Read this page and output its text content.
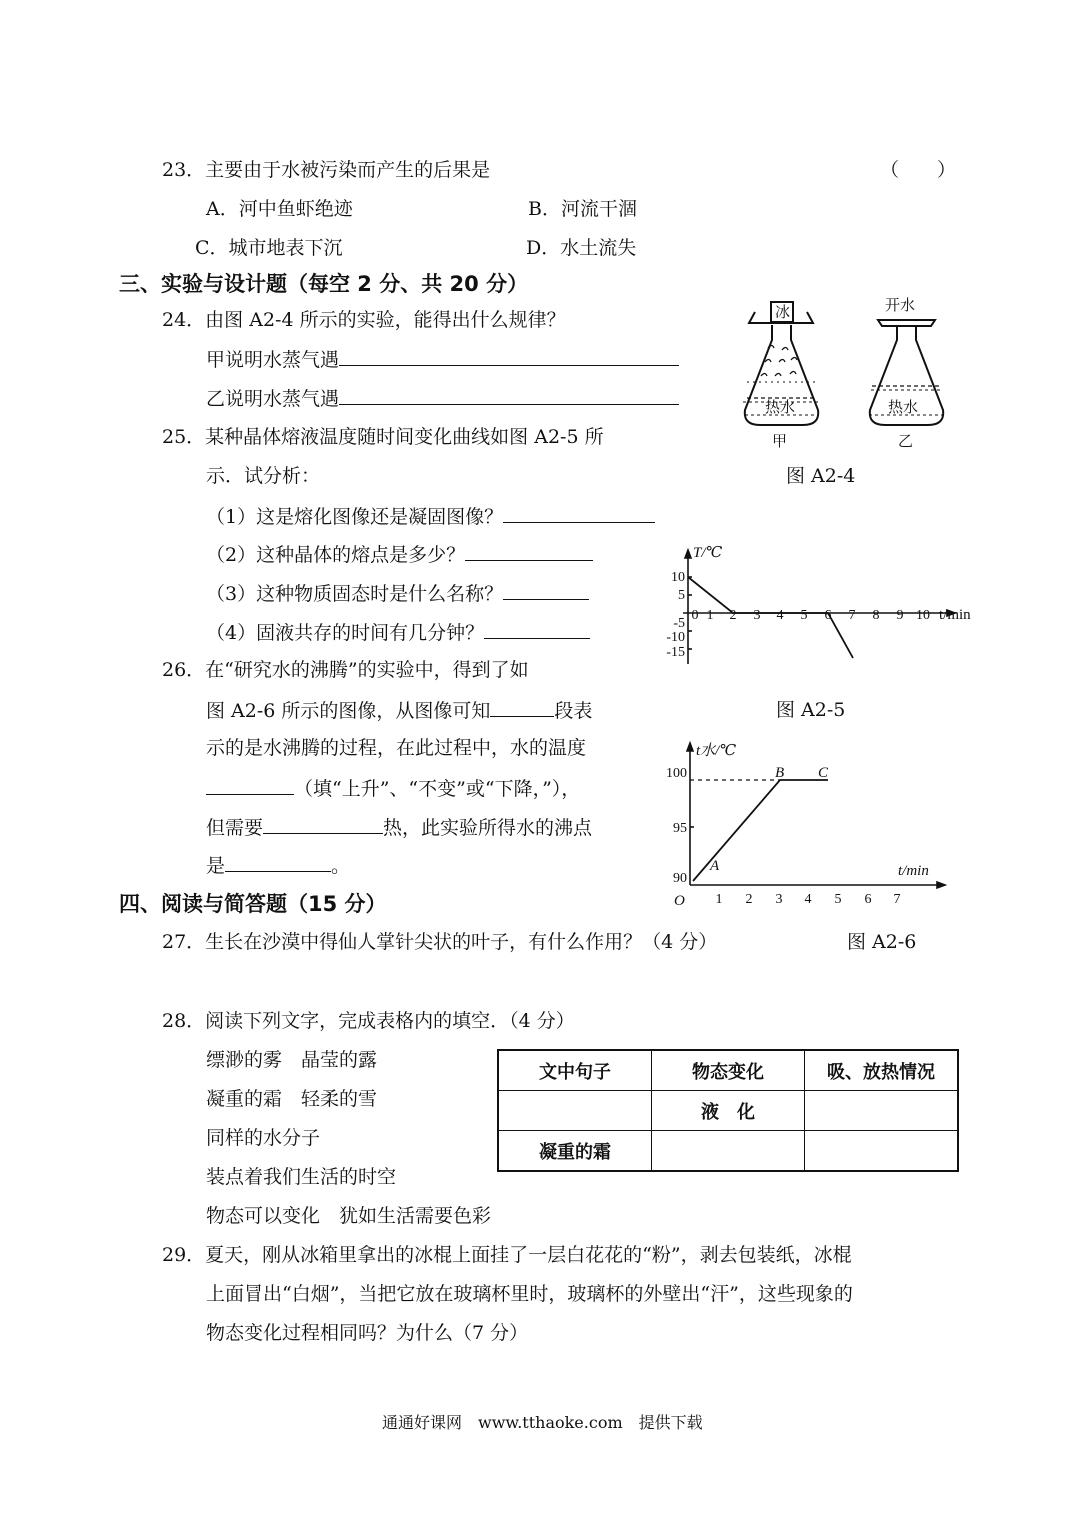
23．主要由于水被污染而产生的后果是	（　　）
A．河中鱼虾绝迹	B．河流干涸
C．城市地表下沉	D．水土流失
三、实验与设计题（每空 2 分、共 20 分）
24．由图 A2-4 所示的实验，能得出什么规律？
甲说明水蒸气遇
乙说明水蒸气遇
冰
热水
甲
开水
热水
乙
图 A2-4
25．某种晶体熔液温度随时间变化曲线如图 A2-5 所
示．试分析：
（1）这是熔化图像还是凝固图像？
（2）这种晶体的熔点是多少？
（3）这种物质固态时是什么名称？
（4）固液共存的时间有几分钟？
T/℃
t/min
10
5
-5
-10
-15
0 1 2 3 4 5 6 7 8 9 10
图 A2-5
26．在“研究水的沸腾”的实验中，得到了如
图 A2-6 所示的图像，从图像可知	段表
示的是水沸腾的过程，在此过程中，水的温度
（填“上升”、“不变”或“下降，”），
但需要	热，此实验所得水的沸点
是	。
t水/℃
t/min
100
95
90
O 1 2 3 4 5 6 7
A
B C
四、阅读与简答题（15 分）
27．生长在沙漠中得仙人掌针尖状的叶子，有什么作用？（4 分）	图 A2-6
28．阅读下列文字，完成表格内的填空．（4 分）
缥渺的雾　晶莹的露
凝重的霜　轻柔的雪
同样的水分子
装点着我们生活的时空
物态可以变化　犹如生活需要色彩
文中句子	物态变化	吸、放热情况
	液　化	
凝重的霜		
29．夏天，刚从冰箱里拿出的冰棍上面挂了一层白花花的“粉”，剥去包装纸，冰棍
上面冒出“白烟”，当把它放在玻璃杯里时，玻璃杯的外壁出“汗”，这些现象的
物态变化过程相同吗？为什么（7 分）
通通好课网　www.tthaoke.com　提供下载
